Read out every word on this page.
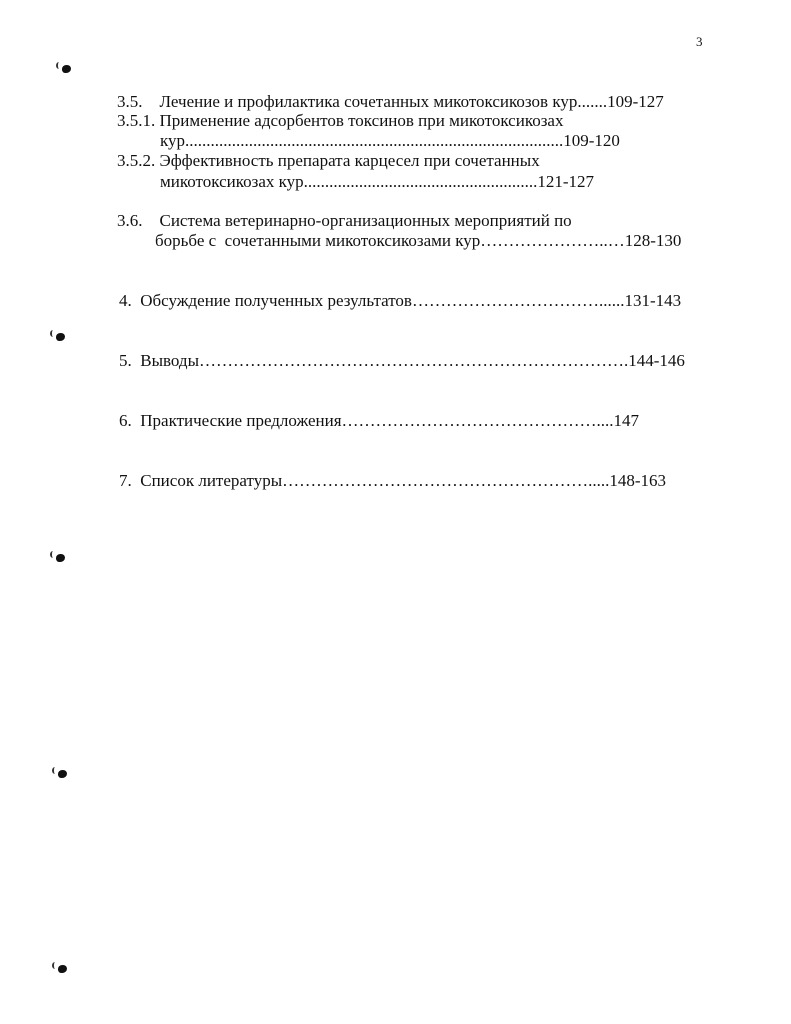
3
3.5.    Лечение и профилактика сочетанных микотоксикозов кур.......109-127
3.5.1. Применение адсорбентов токсинов при микотоксикозах
кур.........................................................................................109-120
3.5.2. Эффективность препарата карцесел при сочетанных
микотоксикозах кур.......................................................121-127
3.6.    Система ветеринарно-организационных мероприятий по
борьбе с  сочетанными микотоксикозами кур…………………..…128-130
4.  Обсуждение полученных результатов……………………………......131-143
5.  Выводы………………………………………………………………….144-146
6.  Практические предложения………………………………………....147
7.  Список литературы……………………………………………….....148-163
